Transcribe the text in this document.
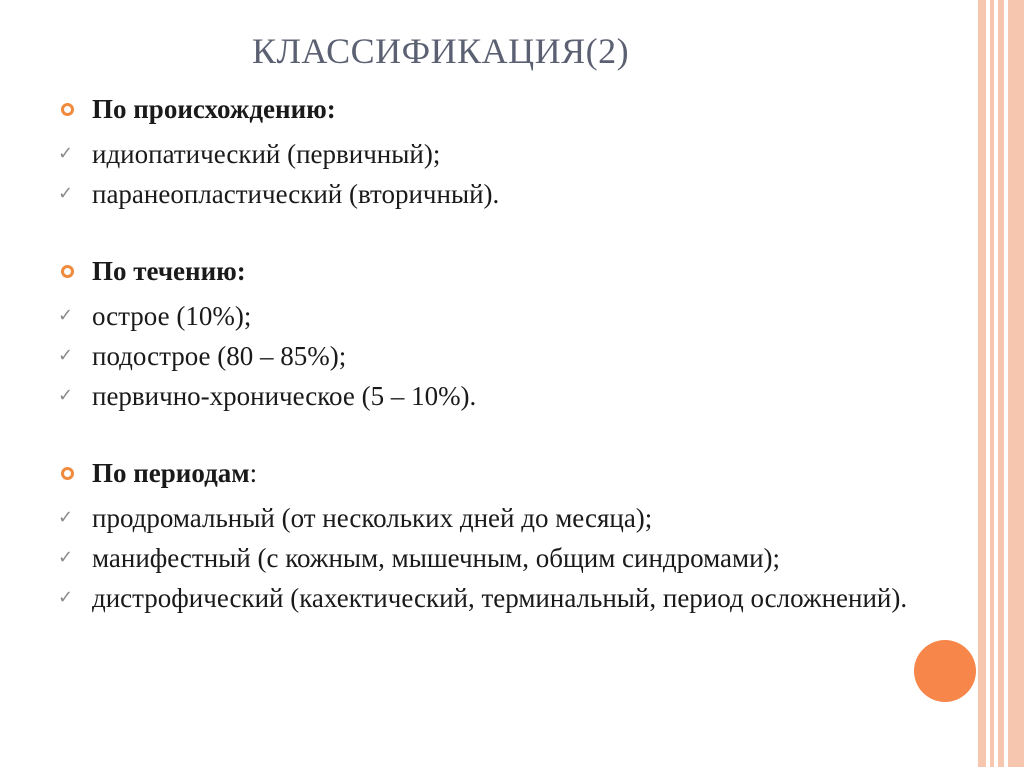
КЛАССИФИКАЦИЯ(2)
По происхождению:
✓ идиопатический (первичный);
✓ паранеопластический (вторичный).
По течению:
✓ острое (10%);
✓ подострое (80 – 85%);
✓ первично-хроническое (5 – 10%).
По периодам:
✓ продромальный (от нескольких дней до месяца);
✓ манифестный (с кожным, мышечным, общим синдромами);
✓ дистрофический (кахектический, терминальный, период осложнений).
